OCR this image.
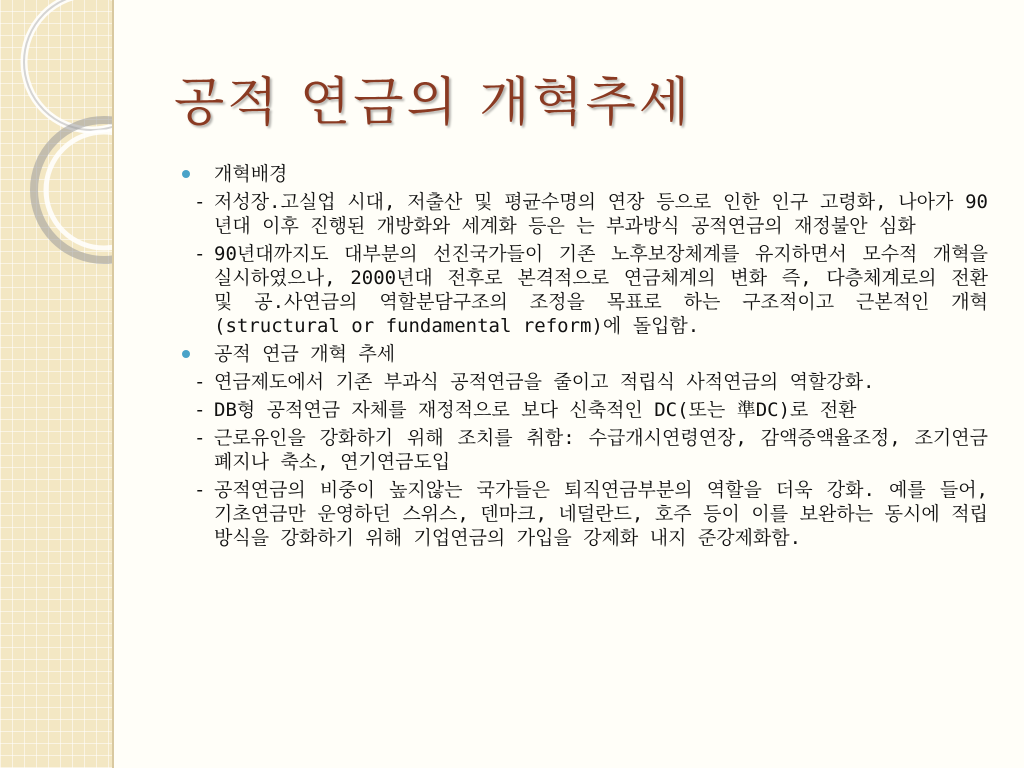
공적 연금의 개혁추세
개혁배경
- 저성장.고실업 시대, 저출산 및 평균수명의 연장 등으로 인한 인구 고령화, 나아가 90년대 이후 진행된 개방화와 세계화 등은 는 부과방식 공적연금의 재정불안 심화
- 90년대까지도 대부분의 선진국가들이 기존 노후보장체계를 유지하면서 모수적 개혁을 실시하였으나, 2000년대 전후로 본격적으로 연금체계의 변화 즉, 다층체계로의 전환 및 공.사연금의 역할분담구조의 조정을 목표로 하는 구조적이고 근본적인 개혁(structural or fundamental reform)에 돌입함.
공적 연금 개혁 추세
- 연금제도에서 기존 부과식 공적연금을 줄이고 적립식 사적연금의 역할강화.
- DB형 공적연금 자체를 재정적으로 보다 신축적인 DC(또는 準DC)로 전환
- 근로유인을 강화하기 위해 조치를 취함: 수급개시연령연장, 감액증액율조정, 조기연금폐지나 축소, 연기연금도입
- 공적연금의 비중이 높지않는 국가들은 퇴직연금부분의 역할을 더욱 강화. 예를 들어, 기초연금만 운영하던 스위스, 덴마크, 네덜란드, 호주 등이 이를 보완하는 동시에 적립방식을 강화하기 위해 기업연금의 가입을 강제화 내지 준강제화함.
